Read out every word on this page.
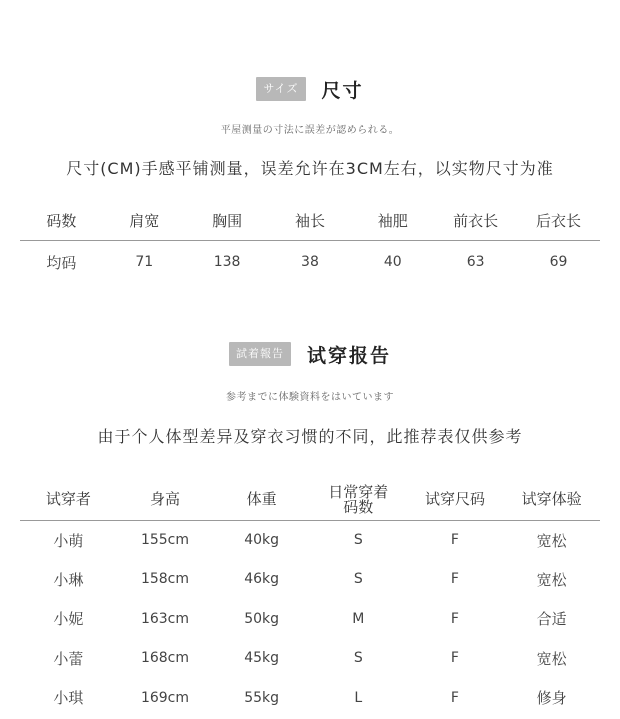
サイズ	尺寸
平屋测量の寸法に誤差が認められる。
尺寸(CM)手感平铺测量，误差允许在3CM左右，以实物尺寸为准
码数	肩宽	胸围	袖长	袖肥	前衣长	后衣长
均码	71	138	38	40	63	69
試着報告	试穿报告
参考までに体験資料をはいています
由于个人体型差异及穿衣习惯的不同，此推荐表仅供参考
试穿者	身高	体重	日常穿着码数	试穿尺码	试穿体验
小萌	155cm	40kg	S	F	宽松
小琳	158cm	46kg	S	F	宽松
小妮	163cm	50kg	M	F	合适
小蕾	168cm	45kg	S	F	宽松
小琪	169cm	55kg	L	F	修身
